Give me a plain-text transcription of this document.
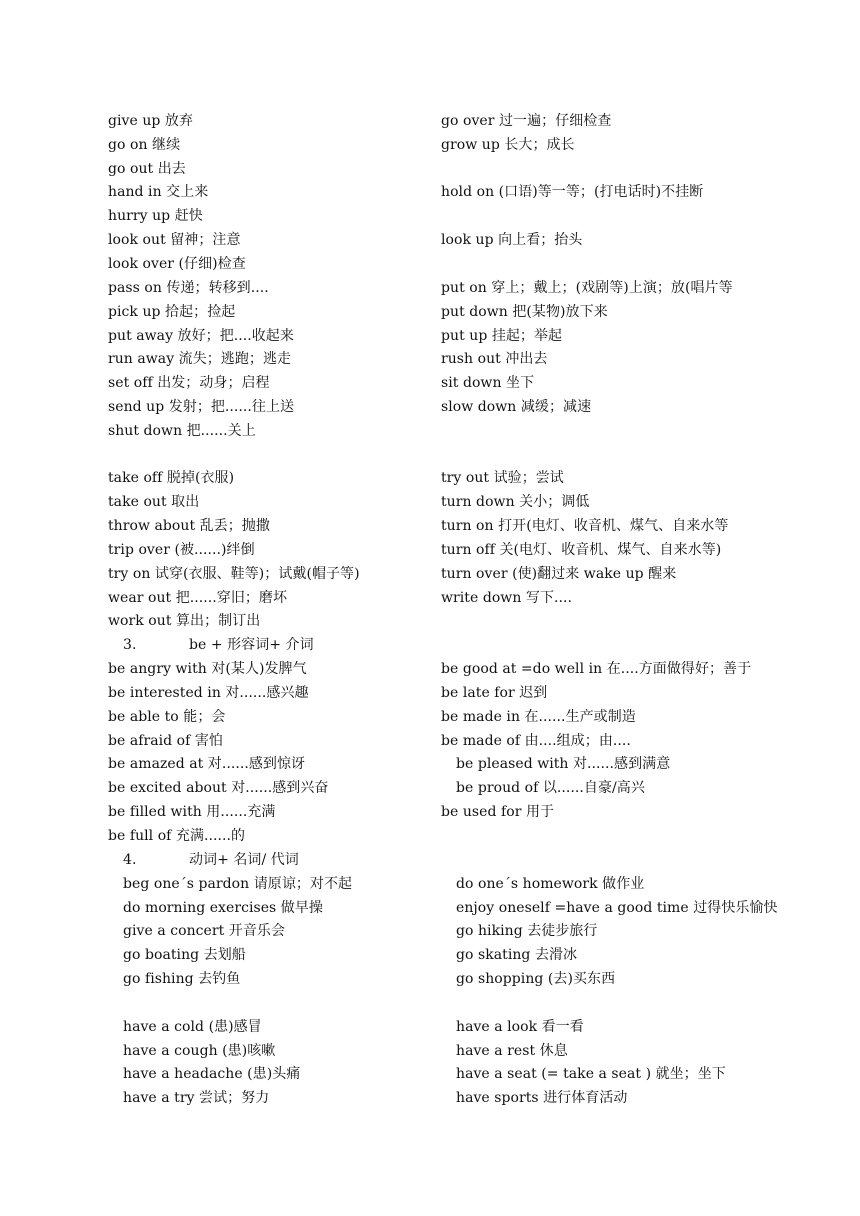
give up 放弃	go over 过一遍；仔细检查
go on 继续	grow up 长大；成长
go out 出去
hand in 交上来	hold on (口语)等一等；(打电话时)不挂断
hurry up 赶快
look out 留神；注意	look up 向上看；抬头
look over (仔细)检查
pass on 传递；转移到....	put on 穿上；戴上；(戏剧等)上演；放(唱片等
pick up 拾起；捡起	put down 把(某物)放下来
put away 放好；把....收起来	put up 挂起；举起
run away 流失；逃跑；逃走	rush out 冲出去
set off 出发；动身；启程	sit down 坐下
send up 发射；把......往上送	slow down 减缓；减速
shut down 把......关上
take off 脱掉(衣服)	try out 试验；尝试
take out 取出	turn down 关小；调低
throw about 乱丢；抛撒	turn on 打开(电灯、收音机、煤气、自来水等
trip over (被......)绊倒	turn off 关(电灯、收音机、煤气、自来水等)
try on 试穿(衣服、鞋等)；试戴(帽子等)	turn over (使)翻过来 wake up 醒来
wear out 把......穿旧；磨坏	write down 写下....
work out 算出；制订出
3.	be + 形容词+ 介词
be angry with 对(某人)发脾气	be good at =do well in 在....方面做得好；善于
be interested in 对......感兴趣	be late for 迟到
be able to 能；会	be made in 在......生产或制造
be afraid of 害怕	be made of 由....组成；由....
be amazed at 对......感到惊讶	be pleased with 对......感到满意
be excited about 对......感到兴奋	be proud of 以......自豪/高兴
be filled with 用......充满	be used for 用于
be full of 充满......的
4.	动词+ 名词/ 代词
beg one´s pardon 请原谅；对不起	do one´s homework 做作业
do morning exercises 做早操	enjoy oneself =have a good time 过得快乐愉快
give a concert 开音乐会	go hiking 去徒步旅行
go boating 去划船	go skating 去滑冰
go fishing 去钓鱼	go shopping (去)买东西
have a cold (患)感冒	have a look 看一看
have a cough (患)咳嗽	have a rest 休息
have a headache (患)头痛	have a seat (= take a seat ) 就坐；坐下
have a try 尝试；努力	have sports 进行体育活动
